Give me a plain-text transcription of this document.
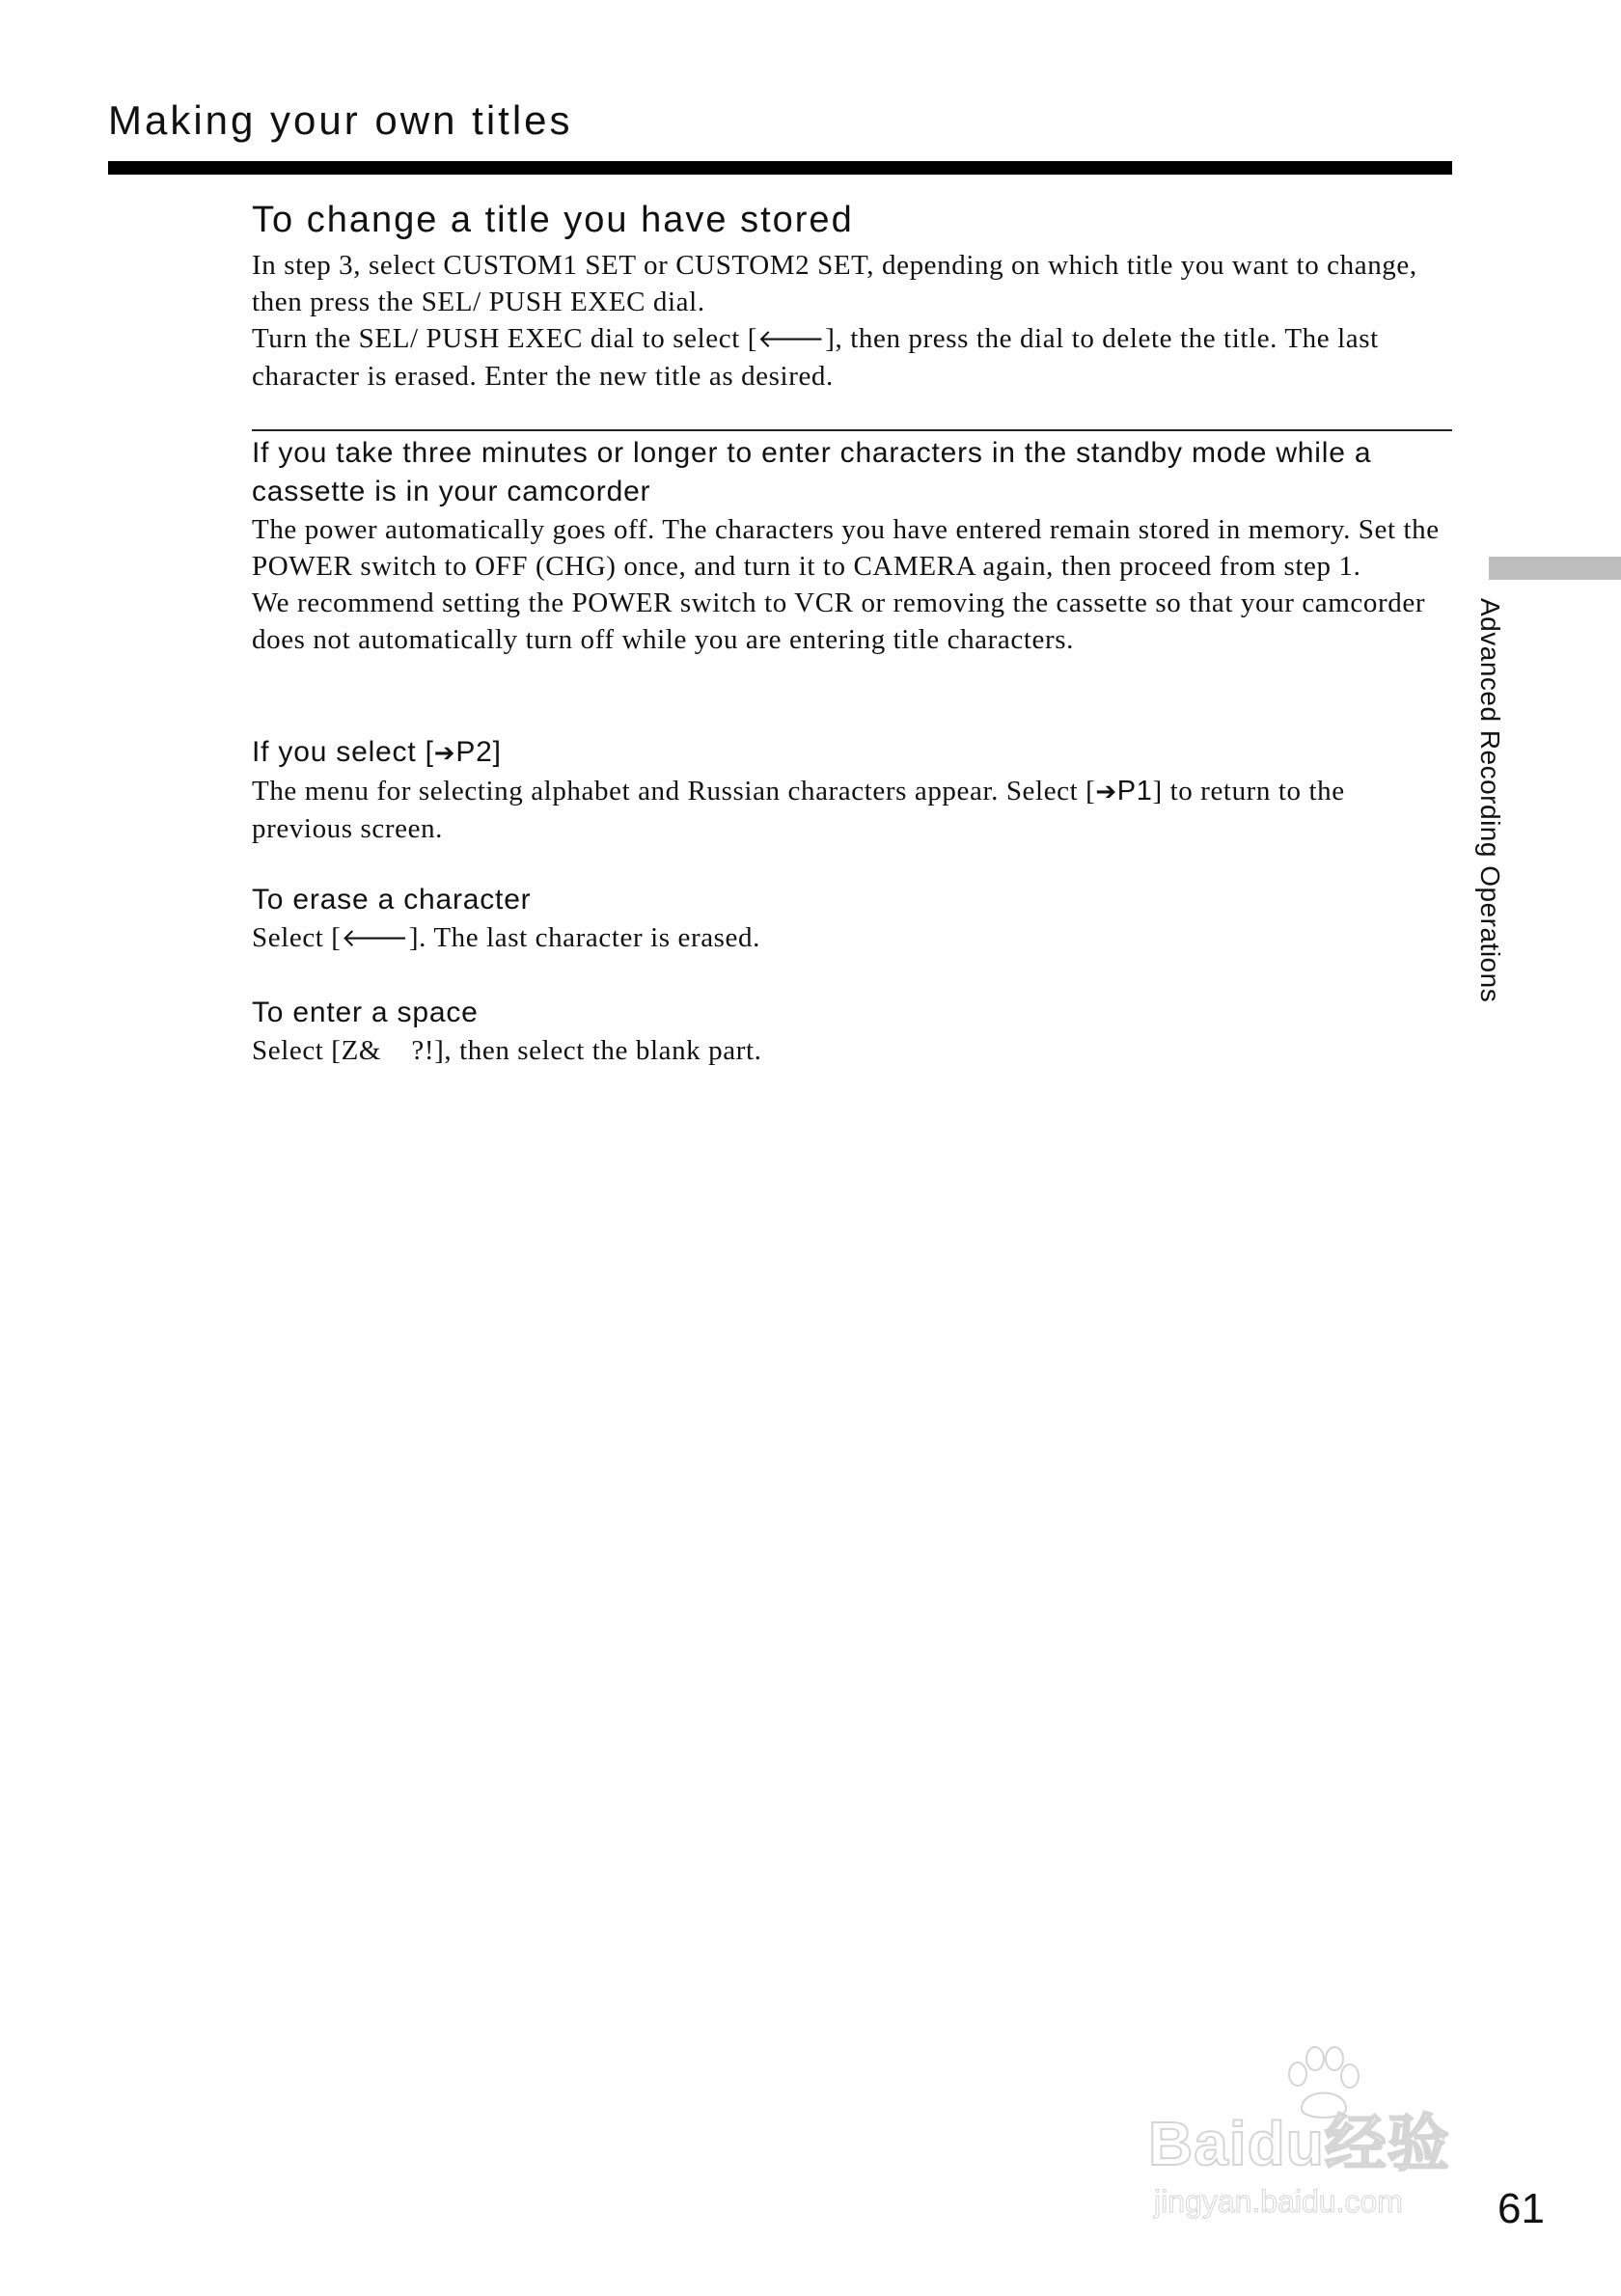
Making your own titles
To change a title you have stored

In step 3, select CUSTOM1 SET or CUSTOM2 SET, depending on which title you want to change, then press the SEL/ PUSH EXEC dial.

Turn the SEL/ PUSH EXEC dial to select [🡐], then press the dial to delete the title. The last character is erased. Enter the new title as desired.

If you take three minutes or longer to enter characters in the standby mode while a cassette is in your camcorder

The power automatically goes off. The characters you have entered remain stored in memory. Set the POWER switch to OFF (CHG) once, and turn it to CAMERA again, then proceed from step 1.

We recommend setting the POWER switch to VCR or removing the cassette so that your camcorder does not automatically turn off while you are entering title characters.

If you select [➔P2]

The menu for selecting alphabet and Russian characters appear. Select [➔P1] to return to the previous screen.

To erase a character

Select [🡐]. The last character is erased.

To enter a space

Select [Z&    ?!], then select the blank part.

Advanced Recording Operations
61
Baidu经验
jingyan.baidu.com
